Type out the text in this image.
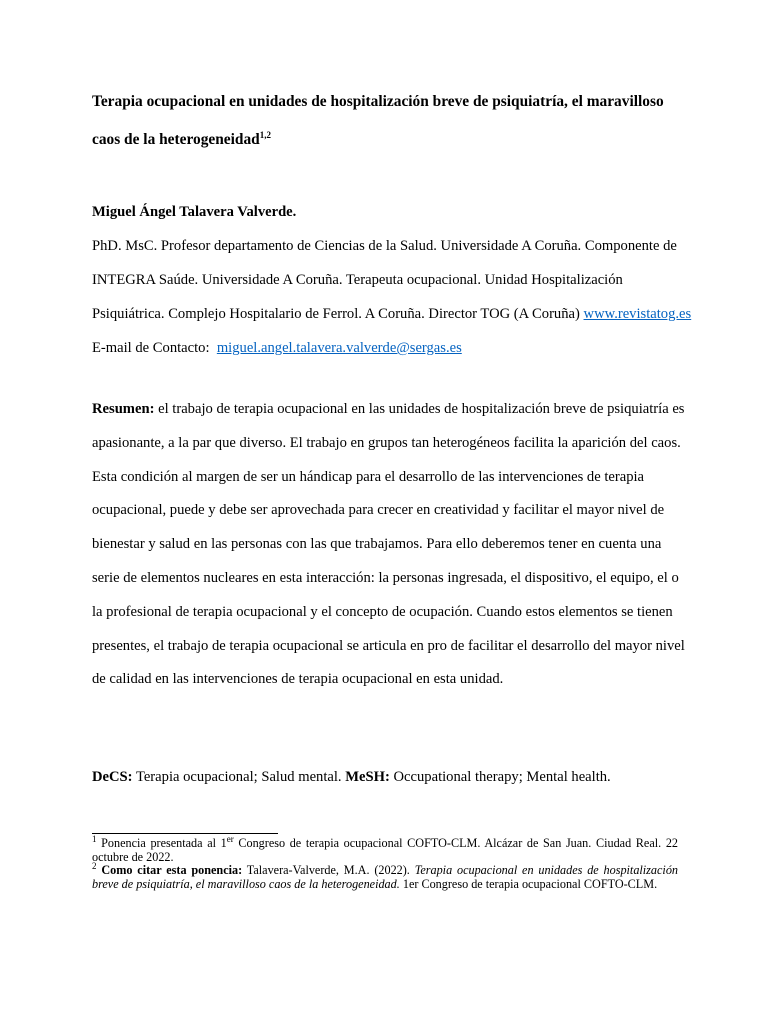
Terapia ocupacional en unidades de hospitalización breve de psiquiatría, el maravilloso caos de la heterogeneidad$^{1,2}$
Miguel Ángel Talavera Valverde.
PhD. MsC. Profesor departamento de Ciencias de la Salud. Universidade A Coruña. Componente de INTEGRA Saúde. Universidade A Coruña. Terapeuta ocupacional. Unidad Hospitalización Psiquiátrica. Complejo Hospitalario de Ferrol. A Coruña. Director TOG (A Coruña) www.revistatog.es E-mail de Contacto: miguel.angel.talavera.valverde@sergas.es
Resumen: el trabajo de terapia ocupacional en las unidades de hospitalización breve de psiquiatría es apasionante, a la par que diverso. El trabajo en grupos tan heterogéneos facilita la aparición del caos. Esta condición al margen de ser un hándicap para el desarrollo de las intervenciones de terapia ocupacional, puede y debe ser aprovechada para crecer en creatividad y facilitar el mayor nivel de bienestar y salud en las personas con las que trabajamos. Para ello deberemos tener en cuenta una serie de elementos nucleares en esta interacción: la personas ingresada, el dispositivo, el equipo, el o la profesional de terapia ocupacional y el concepto de ocupación. Cuando estos elementos se tienen presentes, el trabajo de terapia ocupacional se articula en pro de facilitar el desarrollo del mayor nivel de calidad en las intervenciones de terapia ocupacional en esta unidad.
DeCS: Terapia ocupacional; Salud mental. MeSH: Occupational therapy; Mental health.

$^1$ Ponencia presentada al 1er Congreso de terapia ocupacional COFTO-CLM. Alcázar de San Juan. Ciudad Real. 22 octubre de 2022.

$^2$ Como citar esta ponencia: Talavera-Valverde, M.A. (2022). Terapia ocupacional en unidades de hospitalización breve de psiquiatría, el maravilloso caos de la heterogeneidad. 1er Congreso de terapia ocupacional COFTO-CLM.
